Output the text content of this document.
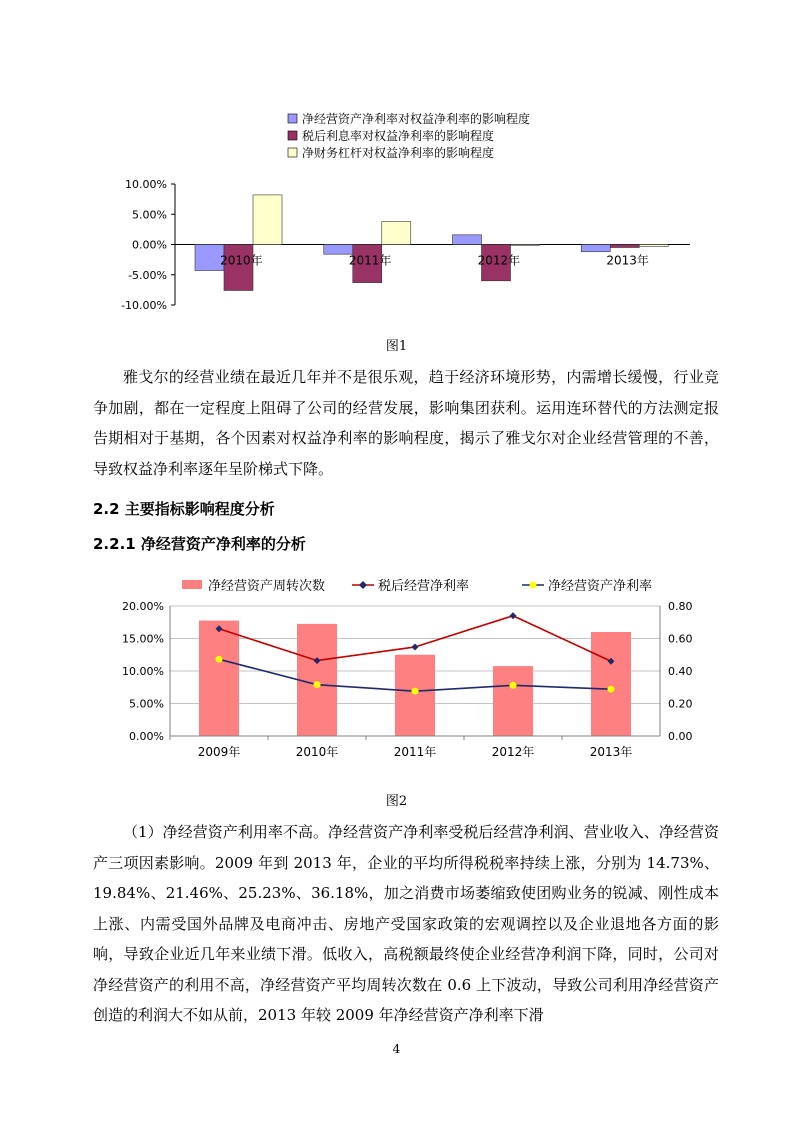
净经营资产净利率对权益净利率的影响程度
税后利息率对权益净利率的影响程度
净财务杠杆对权益净利率的影响程度
10.00%
5.00%
0.00%
-5.00%
-10.00%
2010年	2011年	2012年	2013年
图1
雅戈尔的经营业绩在最近几年并不是很乐观，趋于经济环境形势，内需增长缓慢，行业竞争加剧，都在一定程度上阻碍了公司的经营发展，影响集团获利。运用连环替代的方法测定报告期相对于基期，各个因素对权益净利率的影响程度，揭示了雅戈尔对企业经营管理的不善，导致权益净利率逐年呈阶梯式下降。
2.2 主要指标影响程度分析
2.2.1 净经营资产净利率的分析
净经营资产周转次数	税后经营净利率	净经营资产净利率
20.00%
15.00%
10.00%
5.00%
0.00%
0.80
0.60
0.40
0.20
0.00
2009年	2010年	2011年	2012年	2013年
图2
（1）净经营资产利用率不高。净经营资产净利率受税后经营净利润、营业收入、净经营资产三项因素影响。2009 年到 2013 年，企业的平均所得税税率持续上涨，分别为 14.73%、19.84%、21.46%、25.23%、36.18%，加之消费市场萎缩致使团购业务的锐减、刚性成本上涨、内需受国外品牌及电商冲击、房地产受国家政策的宏观调控以及企业退地各方面的影响，导致企业近几年来业绩下滑。低收入，高税额最终使企业经营净利润下降，同时，公司对净经营资产的利用不高，净经营资产平均周转次数在 0.6 上下波动，导致公司利用净经营资产创造的利润大不如从前，2013 年较 2009 年净经营资产净利率下滑
4
